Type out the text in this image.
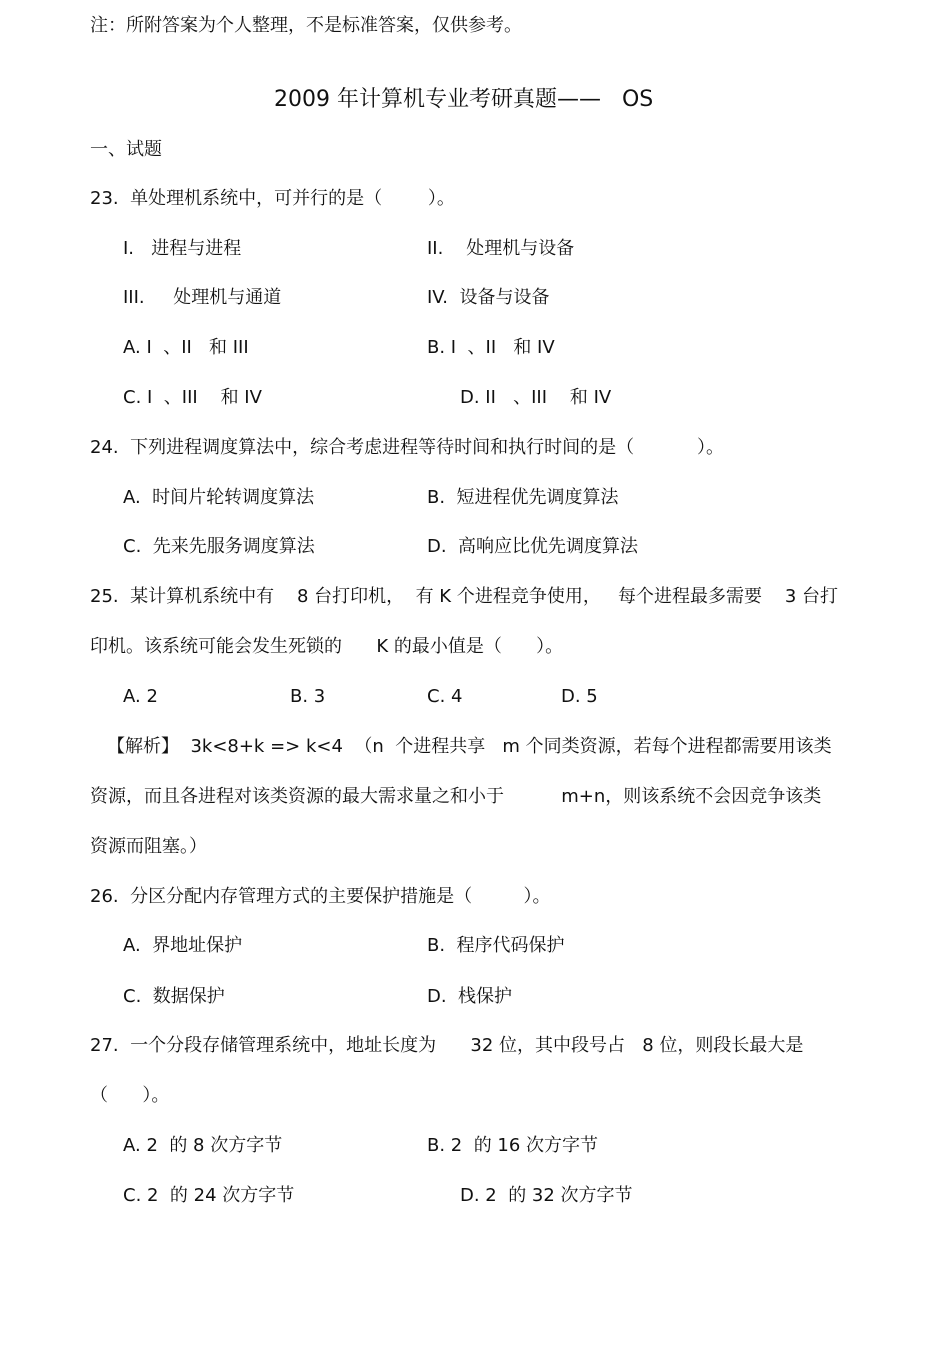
注：所附答案为个人整理，不是标准答案，仅供参考。
2009 年计算机专业考研真题——   OS
一、试题
23.  单处理机系统中，可并行的是（        ）。
I.   进程与进程	II.    处理机与设备
III.     处理机与通道	IV.  设备与设备
A. I  、II   和 III	B. I  、II   和 IV
C. I  、III    和 IV	D. II   、III    和 IV
24.  下列进程调度算法中，综合考虑进程等待时间和执行时间的是（           ）。
A.  时间片轮转调度算法	B.  短进程优先调度算法
C.  先来先服务调度算法	D.  高响应比优先调度算法
25.  某计算机系统中有    8 台打印机，  有 K 个进程竞争使用，   每个进程最多需要    3 台打
印机。该系统可能会发生死锁的      K 的最小值是（      ）。
A. 2	B. 3	C. 4	D. 5
【解析】  3k<8+k => k<4  （n  个进程共享   m 个同类资源，若每个进程都需要用该类
资源，而且各进程对该类资源的最大需求量之和小于          m+n，则该系统不会因竞争该类
资源而阻塞。）
26.  分区分配内存管理方式的主要保护措施是（         ）。
A.  界地址保护	B.  程序代码保护
C.  数据保护	D.  栈保护
27.  一个分段存储管理系统中，地址长度为      32 位，其中段号占   8 位，则段长最大是
（      ）。
A. 2  的 8 次方字节	B. 2  的 16 次方字节
C. 2  的 24 次方字节	D. 2  的 32 次方字节
